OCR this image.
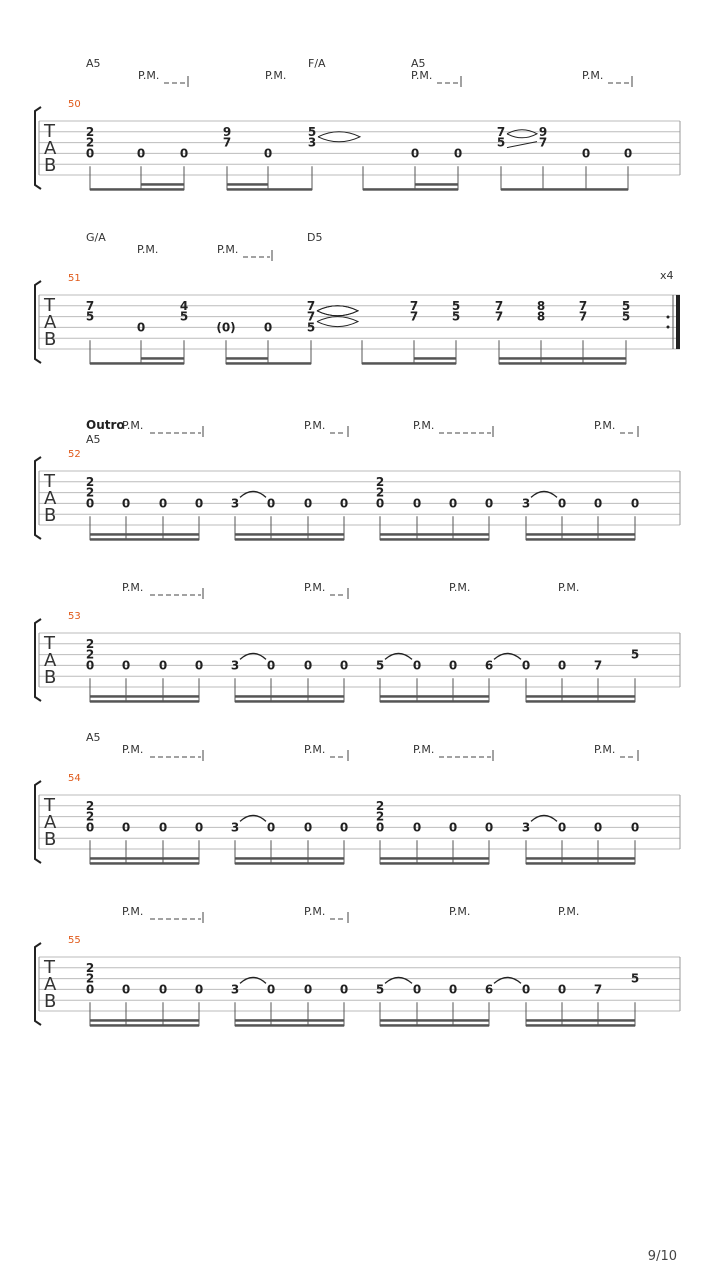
T
A
B
50
A5	F/A	A5
P.M.	P.M.	P.M.	P.M.
2
2
0	0	0
9
7
0
5
3
0	0
7
5
9
7
0	0
x4
T
A
B
51
G/A	D5
P.M.	P.M.
7
5
0
4
5
(0) 0
7
7
5
7
7
5
5
7
7
8
8
7
7
5
5
T
A
B
52
Outro
A5
P.M.	P.M.	P.M.	P.M.
2
2
0 0 0 0 3 0 0 0
2
2
0 0 0 0 3 0 0 0
T
A
B
53
P.M.	P.M.	P.M.	P.M.
2
2
0 0 0 0 3 0 0 0 5 0 0 6 0 0 7
5
T
A
B
54
A5
P.M.	P.M.	P.M.	P.M.
2
2
0 0 0 0 3 0 0 0
2
2
0 0 0 0 3 0 0 0
T
A
B
55
P.M.	P.M.	P.M.	P.M.
2
2
0 0 0 0 3 0 0 0 5 0 0 6 0 0 7
5
9/10
